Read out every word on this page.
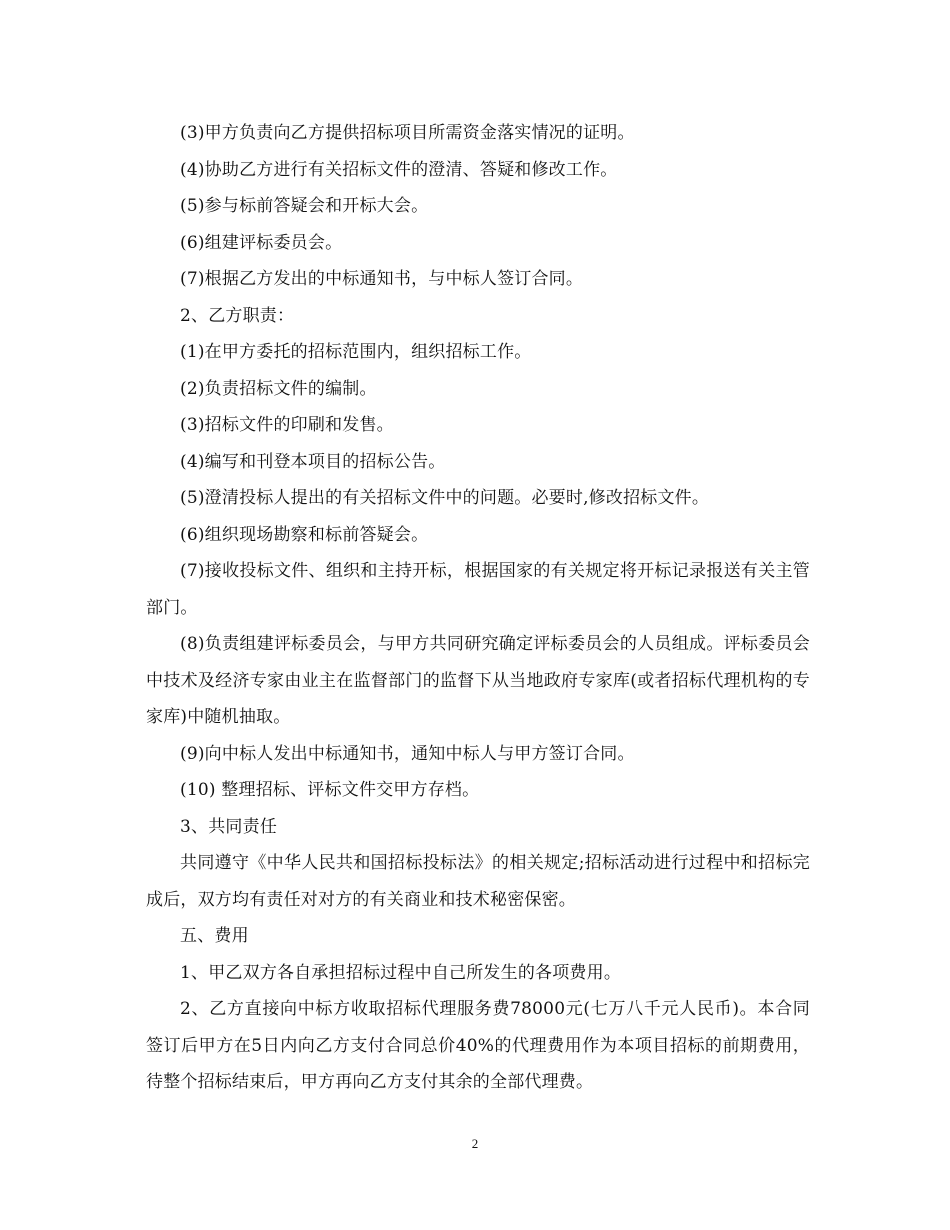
(3)甲方负责向乙方提供招标项目所需资金落实情况的证明。

(4)协助乙方进行有关招标文件的澄清、答疑和修改工作。

(5)参与标前答疑会和开标大会。

(6)组建评标委员会。

(7)根据乙方发出的中标通知书，与中标人签订合同。

2、乙方职责：

(1)在甲方委托的招标范围内，组织招标工作。

(2)负责招标文件的编制。

(3)招标文件的印刷和发售。

(4)编写和刊登本项目的招标公告。

(5)澄清投标人提出的有关招标文件中的问题。必要时,修改招标文件。

(6)组织现场勘察和标前答疑会。

(7)接收投标文件、组织和主持开标，根据国家的有关规定将开标记录报送有关主管部门。

(8)负责组建评标委员会，与甲方共同研究确定评标委员会的人员组成。评标委员会中技术及经济专家由业主在监督部门的监督下从当地政府专家库(或者招标代理机构的专家库)中随机抽取。

(9)向中标人发出中标通知书，通知中标人与甲方签订合同。

(10) 整理招标、评标文件交甲方存档。

3、共同责任

共同遵守《中华人民共和国招标投标法》的相关规定;招标活动进行过程中和招标完成后，双方均有责任对对方的有关商业和技术秘密保密。

五、费用

1、甲乙双方各自承担招标过程中自己所发生的各项费用。

2、乙方直接向中标方收取招标代理服务费78000元(七万八千元人民币)。本合同签订后甲方在5日内向乙方支付合同总价40%的代理费用作为本项目招标的前期费用，待整个招标结束后，甲方再向乙方支付其余的全部代理费。

2
